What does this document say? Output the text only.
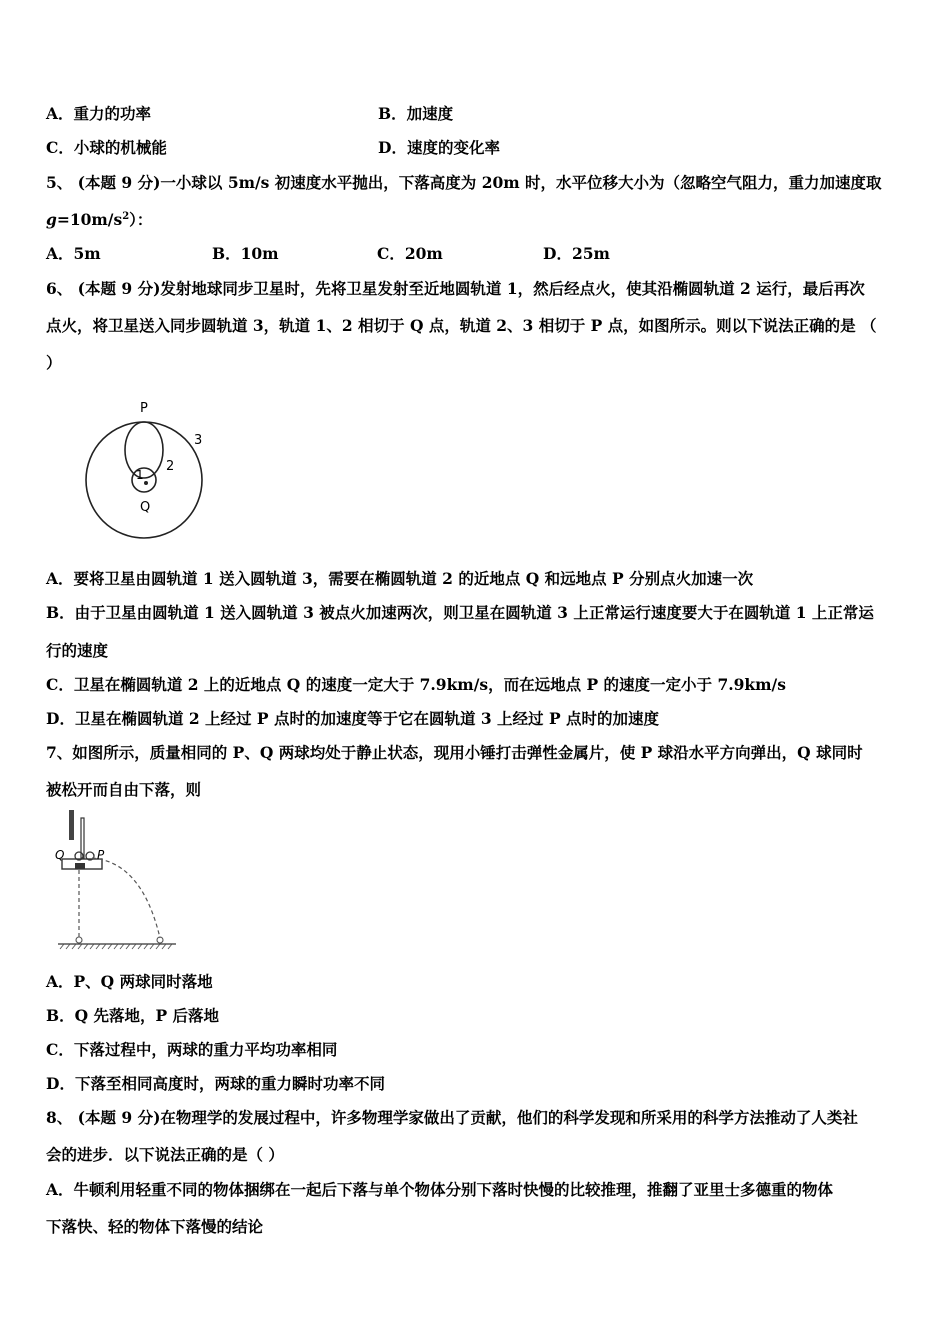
A．重力的功率	B．加速度
C．小球的机械能	D．速度的变化率
5、 (本题 9 分)一小球以 5m/s 初速度水平抛出，下落高度为 20m 时，水平位移大小为（忽略空气阻力，重力加速度取
$g=10m/s^2$）：
A．5m	B．10m	C．20m	D．25m
6、 (本题 9 分)发射地球同步卫星时，先将卫星发射至近地圆轨道 1，然后经点火，使其沿椭圆轨道 2 运行，最后再次
点火，将卫星送入同步圆轨道 3，轨道 1、2 相切于 Q 点，轨道 2、3 相切于 P 点，如图所示。则以下说法正确的是 （
）
P
Q
1
2
3
A．要将卫星由圆轨道 1 送入圆轨道 3，需要在椭圆轨道 2 的近地点 Q 和远地点 P 分别点火加速一次
B．由于卫星由圆轨道 1 送入圆轨道 3 被点火加速两次，则卫星在圆轨道 3 上正常运行速度要大于在圆轨道 1 上正常运
行的速度
C．卫星在椭圆轨道 2 上的近地点 Q 的速度一定大于 7.9km/s，而在远地点 P 的速度一定小于 7.9km/s
D．卫星在椭圆轨道 2 上经过 P 点时的加速度等于它在圆轨道 3 上经过 P 点时的加速度
7、如图所示，质量相同的 P、Q 两球均处于静止状态，现用小锤打击弹性金属片，使 P 球沿水平方向弹出，Q 球同时
被松开而自由下落，则
Q	P
A．P、Q 两球同时落地
B．Q 先落地，P 后落地
C．下落过程中，两球的重力平均功率相同
D．下落至相同高度时，两球的重力瞬时功率不同
8、 (本题 9 分)在物理学的发展过程中，许多物理学家做出了贡献，他们的科学发现和所采用的科学方法推动了人类社
会的进步．以下说法正确的是（ ）
A．牛顿利用轻重不同的物体捆绑在一起后下落与单个物体分别下落时快慢的比较推理，推翻了亚里士多德重的物体
下落快、轻的物体下落慢的结论
